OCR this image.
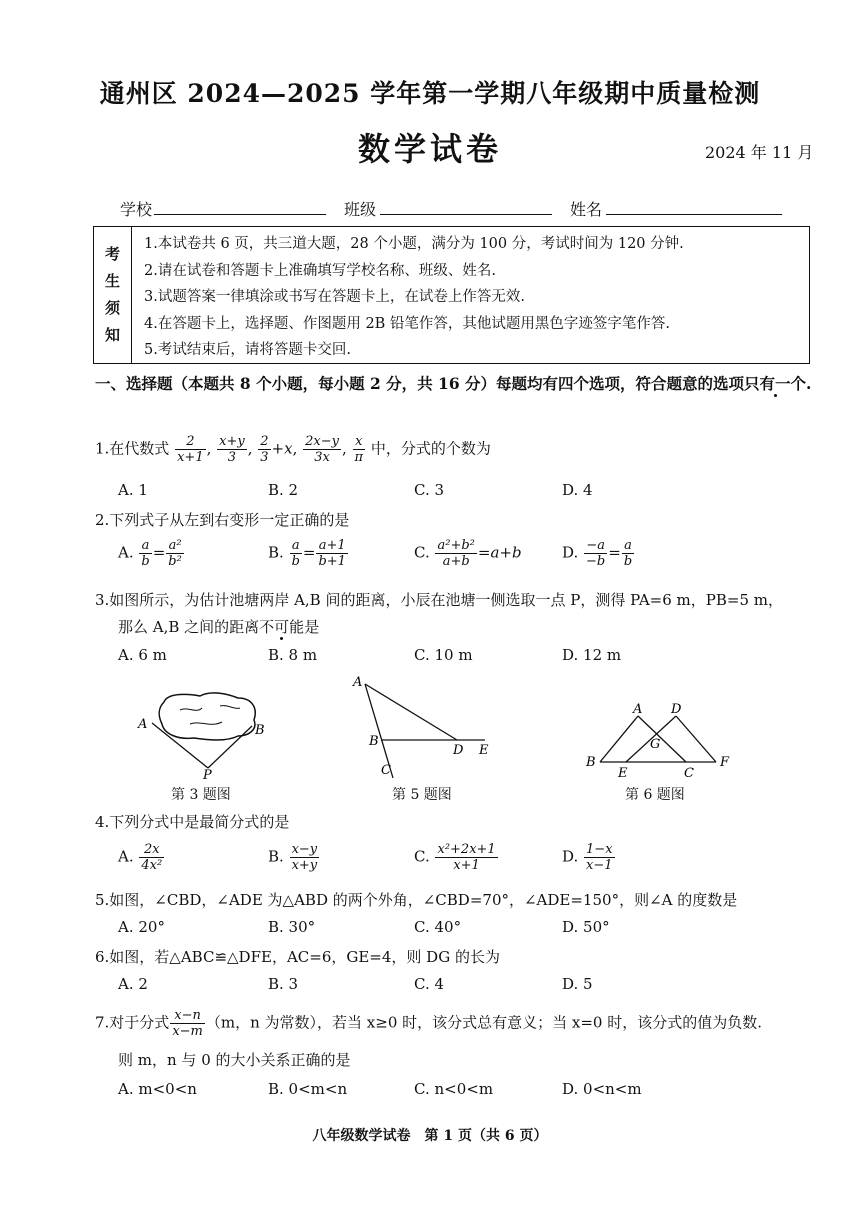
通州区 2024—2025 学年第一学期八年级期中质量检测
数学试卷	2024 年 11 月
学校	班级	姓名
考
生
须
知
1.本试卷共 6 页，共三道大题，28 个小题，满分为 100 分，考试时间为 120 分钟.
2.请在试卷和答题卡上准确填写学校名称、班级、姓名.
3.试题答案一律填涂或书写在答题卡上，在试卷上作答无效.
4.在答题卡上，选择题、作图题用 2B 铅笔作答，其他试题用黑色字迹签字笔作答.
5.考试结束后，请将答题卡交回.
一、选择题（本题共 8 个小题，每小题 2 分，共 16 分）每题均有四个选项，符合题意的选项只有一个.
1.在代数式 $\frac{2}{x+1}$ , $\frac{x+y}{3}$ , $\frac{2}{3} +x$, $\frac{2x-y}{3x}$ , $\frac{x}{\pi}$ 中，分式的个数为
A. 1	B. 2	C. 3	D. 4
2.下列式子从左到右变形一定正确的是
A. $\frac{a}{b} = \frac{\text{a²}}{\text{b²}}$	B. $\frac{a}{b} = \frac{a+1}{b+1}$	C. $\frac{\text{a²+b²}}{a+b} =a+b$	D. $\frac{-a}{-b} = \frac{a}{b}$
3.如图所示，为估计池塘两岸 A,B 间的距离，小辰在池塘一侧选取一点 P，测得 PA=6 m，PB=5 m，
那么 A,B 之间的距离不可能是
A. 6 m	B. 8 m	C. 10 m	D. 12 m
A	B
P
第 3 题图
A
B
C
D E
第 5 题图
A D
G
B
E	C
F
第 6 题图
4.下列分式中是最简分式的是
A. $\frac{2x}{\text{4x²}}$	B. $\frac{x-y}{x+y}$	C. $\frac{\text{x²+2x+1}}{x+1}$	D. $\frac{1-x}{x-1}$
5.如图，∠CBD，∠ADE 为△ABD 的两个外角，∠CBD=70°，∠ADE=150°，则∠A 的度数是
A. 20°	B. 30°	C. 40°	D. 50°
6.如图，若△ABC≌△DFE，AC=6，GE=4，则 DG 的长为
A. 2	B. 3	C. 4	D. 5
7.对于分式 $\frac{x-n}{x-m} (m$，n 为常数），若当 x≥0 时，该分式总有意义；当 x=0 时，该分式的值为负数.
则 m，n 与 0 的大小关系正确的是
A. m<0<n	B. 0<m<n	C. n<0<m	D. 0<n<m
八年级数学试卷　第 1 页（共 6 页）
